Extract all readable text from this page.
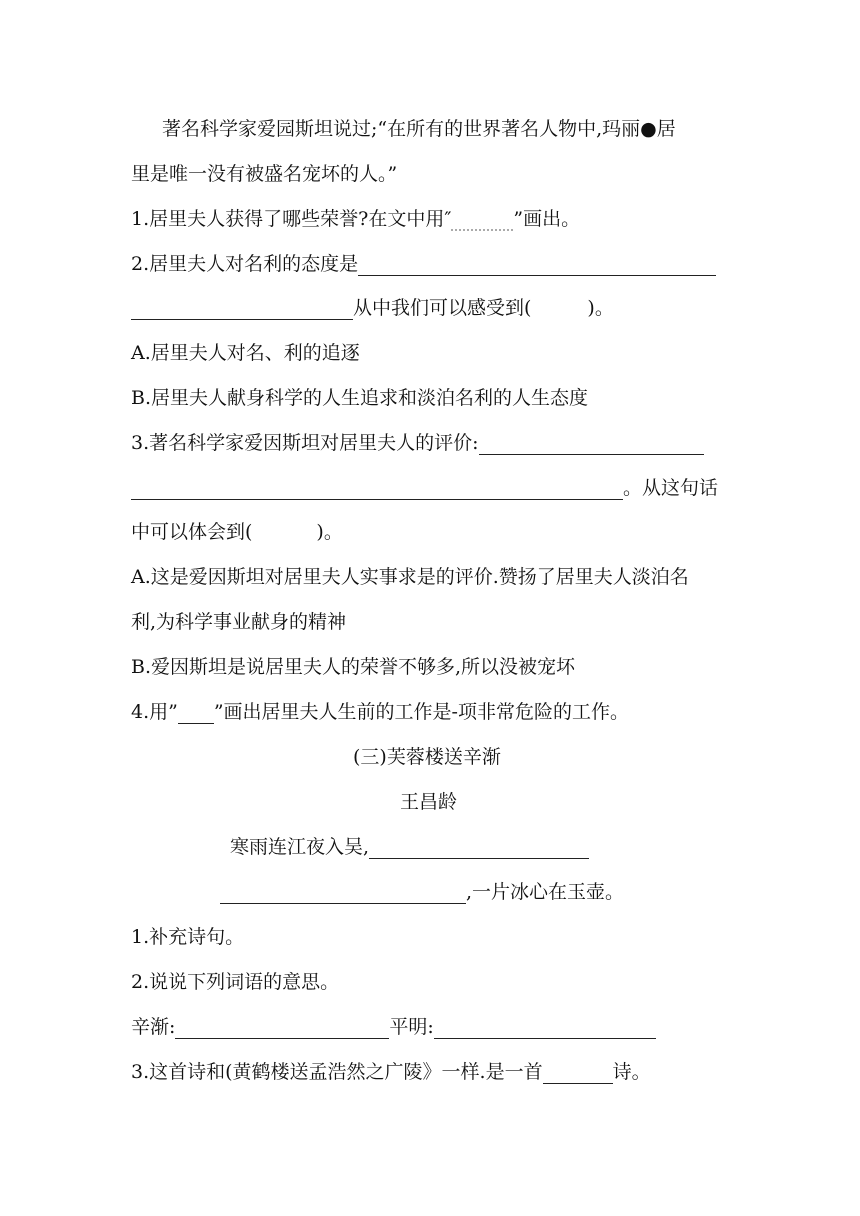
著名科学家爱园斯坦说过;“在所有的世界著名人物中,玛丽●居
里是唯一没有被盛名宠坏的人。”
1.居里夫人获得了哪些荣誉?在文中用″	”画出。
2.居里夫人对名利的态度是
从中我们可以感受到(	)。
A.居里夫人对名、利的追逐
B.居里夫人献身科学的人生追求和淡泊名利的人生态度
3.著名科学家爱因斯坦对居里夫人的评价:
。从这句话
中可以体会到(	)。
A.这是爱因斯坦对居里夫人实事求是的评价.赞扬了居里夫人淡泊名
利,为科学事业献身的精神
B.爱因斯坦是说居里夫人的荣誉不够多,所以没被宠坏
4.用” ”画出居里夫人生前的工作是-项非常危险的工作。
(三)芙蓉楼送辛渐
王昌龄
寒雨连江夜入吴,
,一片冰心在玉壶。
1.补充诗句。
2.说说下列词语的意思。
辛渐:	平明:
3.这首诗和(黄鹤楼送孟浩然之广陵》一样.是一首	诗。
